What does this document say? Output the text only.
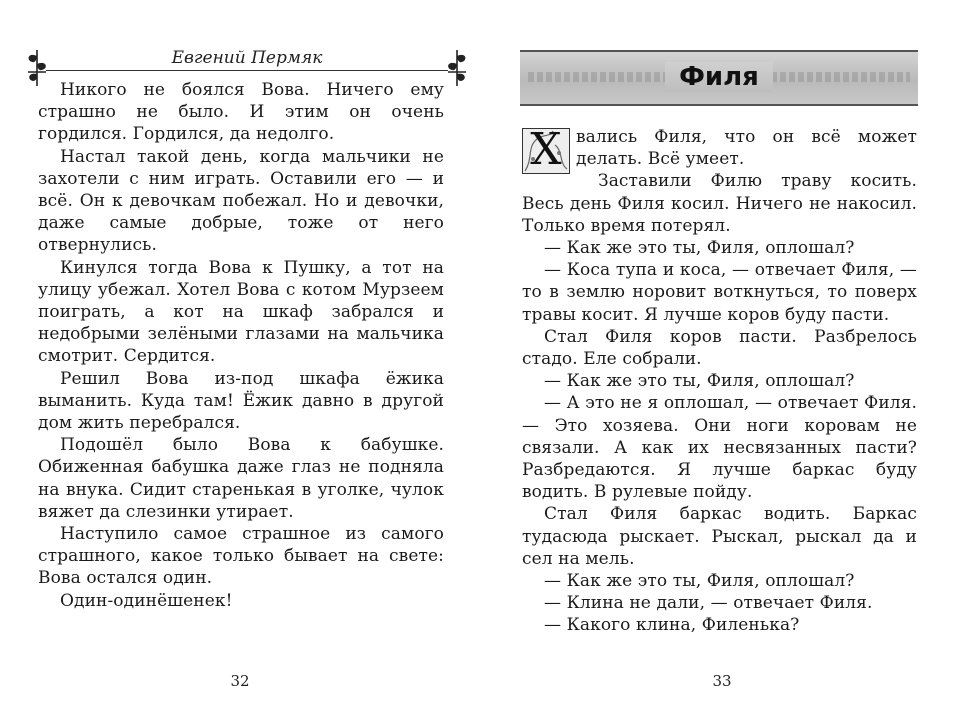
Евгений Пермяк

Никого не боялся Вова. Ничего ему страшно не было. И этим он очень гордился. Гордился, да недолго.

Настал такой день, когда мальчики не захотели с ним играть. Оставили его — и всё. Он к девочкам побежал. Но и девочки, даже самые добрые, тоже от него отвернулись.

Кинулся тогда Вова к Пушку, а тот на улицу убежал. Хотел Вова с котом Мурзеем поиграть, а кот на шкаф забрался и недобрыми зелёными глазами на мальчика смотрит. Сердится.

Решил Вова из-под шкафа ёжика выманить. Куда там! Ёжик давно в другой дом жить перебрался.

Подошёл было Вова к бабушке. Обиженная бабушка даже глаз не подняла на внука. Сидит старенькая в уголке, чулок вяжет да слезинки утирает.

Наступило самое страшное из самого страшного, какое только бывает на свете: Вова остался один.

Один-одинёшенек!

32
Филя

Х вались Филя, что он всё может делать. Всё умеет.

Заставили Филю траву косить. Весь день Филя косил. Ничего не накосил. Только время потерял.

— Как же это ты, Филя, оплошал?

— Коса тупа и коса, — отвечает Филя, — то в землю норовит воткнуться, то поверх травы косит. Я лучше коров буду пасти.

Стал Филя коров пасти. Разбрелось стадо. Еле собрали.

— Как же это ты, Филя, оплошал?

— А это не я оплошал, — отвечает Филя. — Это хозяева. Они ноги коровам не связали. А как их несвязанных пасти? Разбредаются. Я лучше баркас буду водить. В рулевые пойду.

Стал Филя баркас водить. Баркас тудасюда рыскает. Рыскал, рыскал да и сел на мель.

— Как же это ты, Филя, оплошал?

— Клина не дали, — отвечает Филя.

— Какого клина, Филенька?

33
